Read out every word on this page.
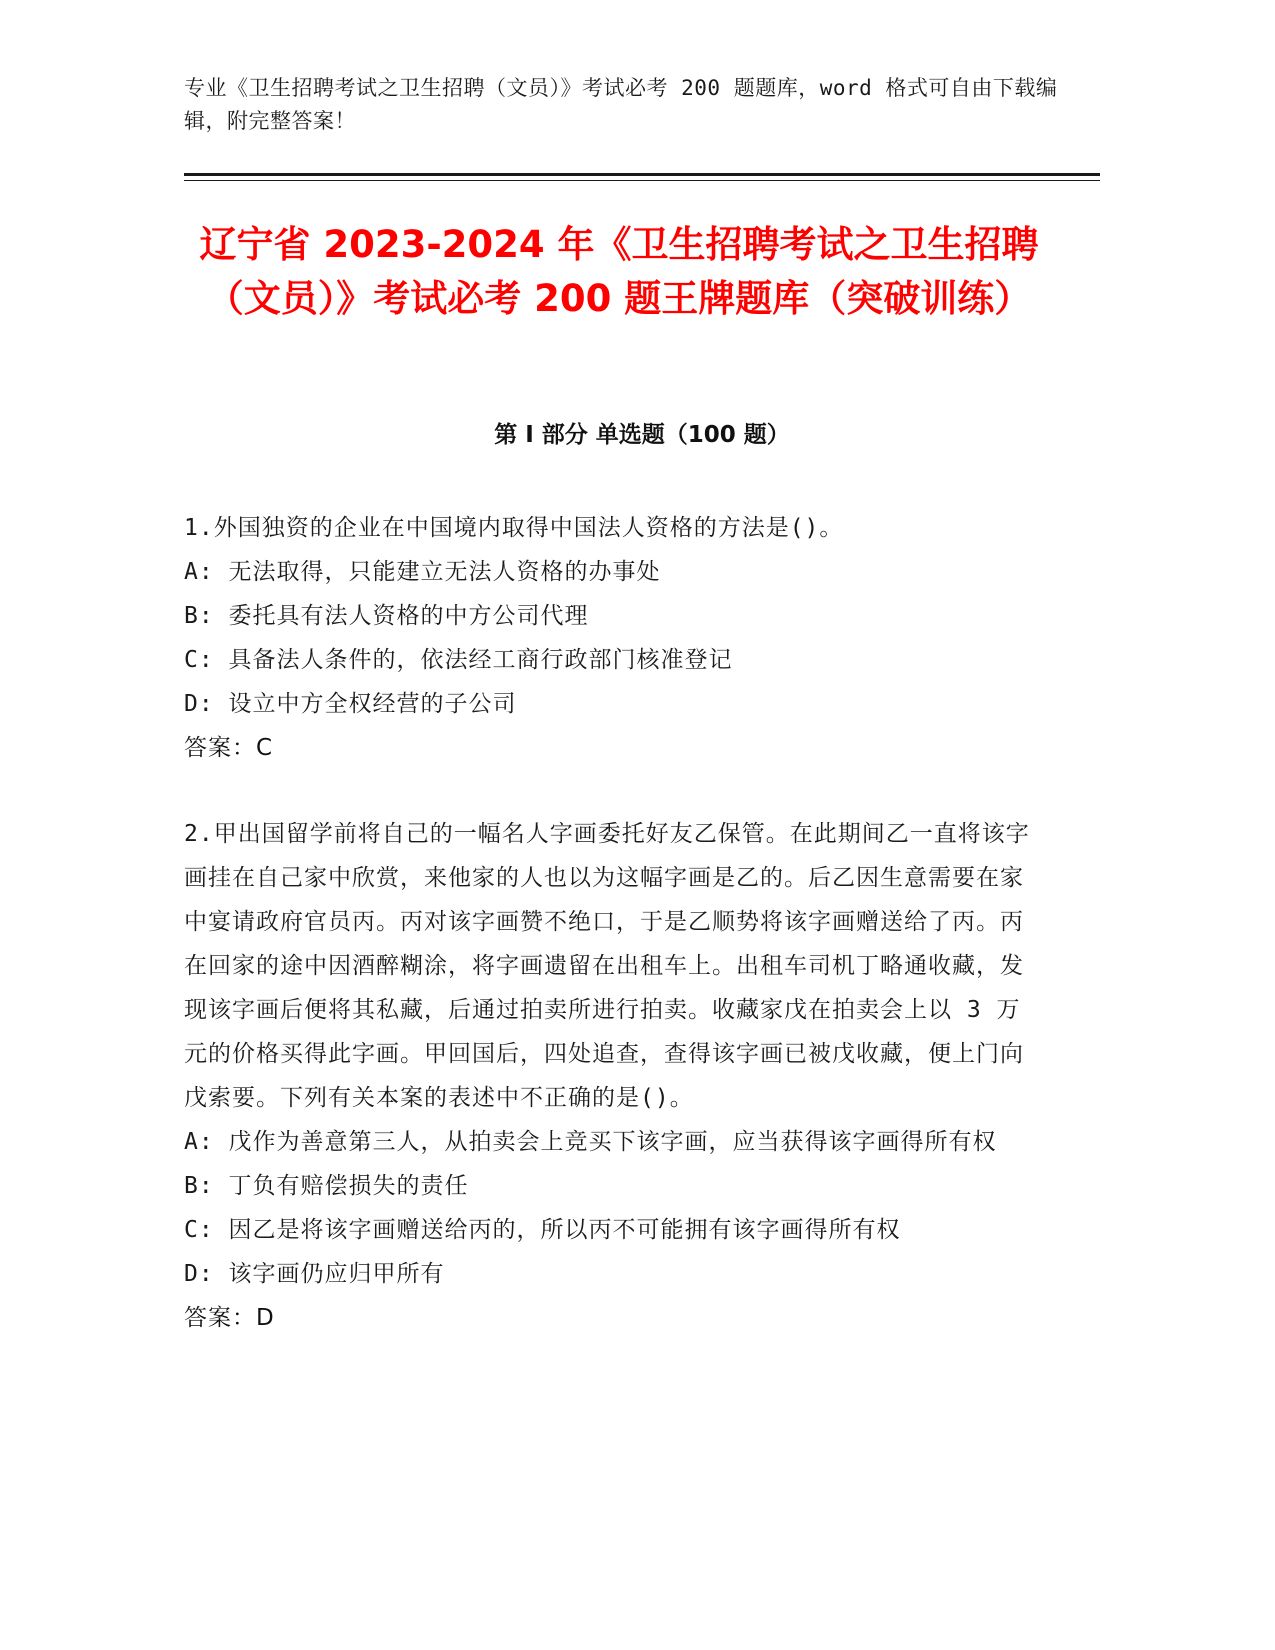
专业《卫生招聘考试之卫生招聘（文员）》考试必考 200 题题库，word 格式可自由下载编辑，附完整答案！
辽宁省 2023-2024 年《卫生招聘考试之卫生招聘（文员）》考试必考 200 题王牌题库（突破训练）
第 I 部分 单选题（100 题）

1.外国独资的企业在中国境内取得中国法人资格的方法是()。

A: 无法取得，只能建立无法人资格的办事处

B: 委托具有法人资格的中方公司代理

C: 具备法人条件的，依法经工商行政部门核准登记

D: 设立中方全权经营的子公司

答案：C

2.甲出国留学前将自己的一幅名人字画委托好友乙保管。在此期间乙一直将该字画挂在自己家中欣赏，来他家的人也以为这幅字画是乙的。后乙因生意需要在家中宴请政府官员丙。丙对该字画赞不绝口，于是乙顺势将该字画赠送给了丙。丙在回家的途中因酒醉糊涂，将字画遗留在出租车上。出租车司机丁略通收藏，发现该字画后便将其私藏，后通过拍卖所进行拍卖。收藏家戊在拍卖会上以 3 万元的价格买得此字画。甲回国后，四处追查，查得该字画已被戊收藏，便上门向戊索要。下列有关本案的表述中不正确的是()。

A: 戊作为善意第三人，从拍卖会上竞买下该字画，应当获得该字画得所有权

B: 丁负有赔偿损失的责任

C: 因乙是将该字画赠送给丙的，所以丙不可能拥有该字画得所有权

D: 该字画仍应归甲所有

答案：D
